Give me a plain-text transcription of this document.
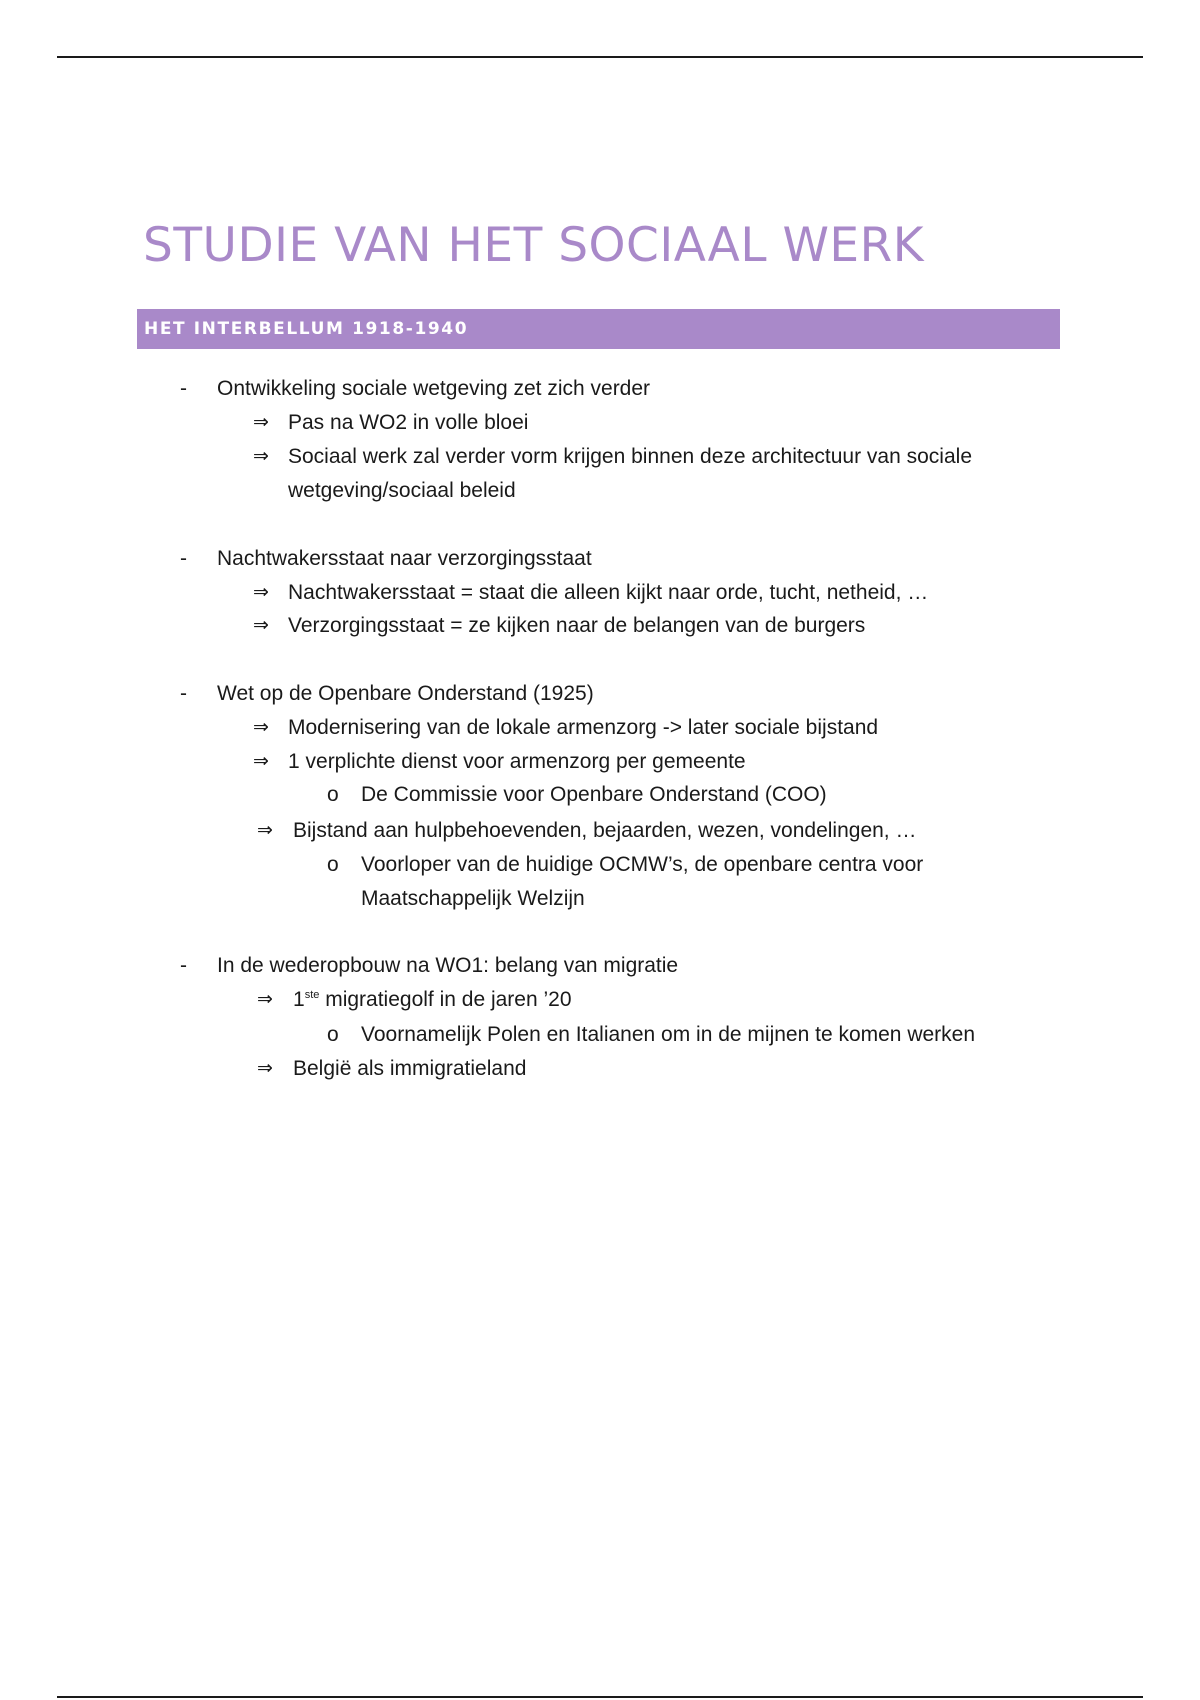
STUDIE VAN HET SOCIAAL WERK
HET INTERBELLUM 1918-1940
- Ontwikkeling sociale wetgeving zet zich verder
⇒ Pas na WO2 in volle bloei
⇒ Sociaal werk zal verder vorm krijgen binnen deze architectuur van sociale
wetgeving/sociaal beleid
- Nachtwakersstaat naar verzorgingsstaat
⇒ Nachtwakersstaat = staat die alleen kijkt naar orde, tucht, netheid, …
⇒ Verzorgingsstaat = ze kijken naar de belangen van de burgers
- Wet op de Openbare Onderstand (1925)
⇒ Modernisering van de lokale armenzorg -> later sociale bijstand
⇒ 1 verplichte dienst voor armenzorg per gemeente
o De Commissie voor Openbare Onderstand (COO)
⇒ Bijstand aan hulpbehoevenden, bejaarden, wezen, vondelingen, …
o Voorloper van de huidige OCMW’s, de openbare centra voor
Maatschappelijk Welzijn
- In de wederopbouw na WO1: belang van migratie
⇒ 1ste migratiegolf in de jaren ’20
o Voornamelijk Polen en Italianen om in de mijnen te komen werken
⇒ België als immigratieland
